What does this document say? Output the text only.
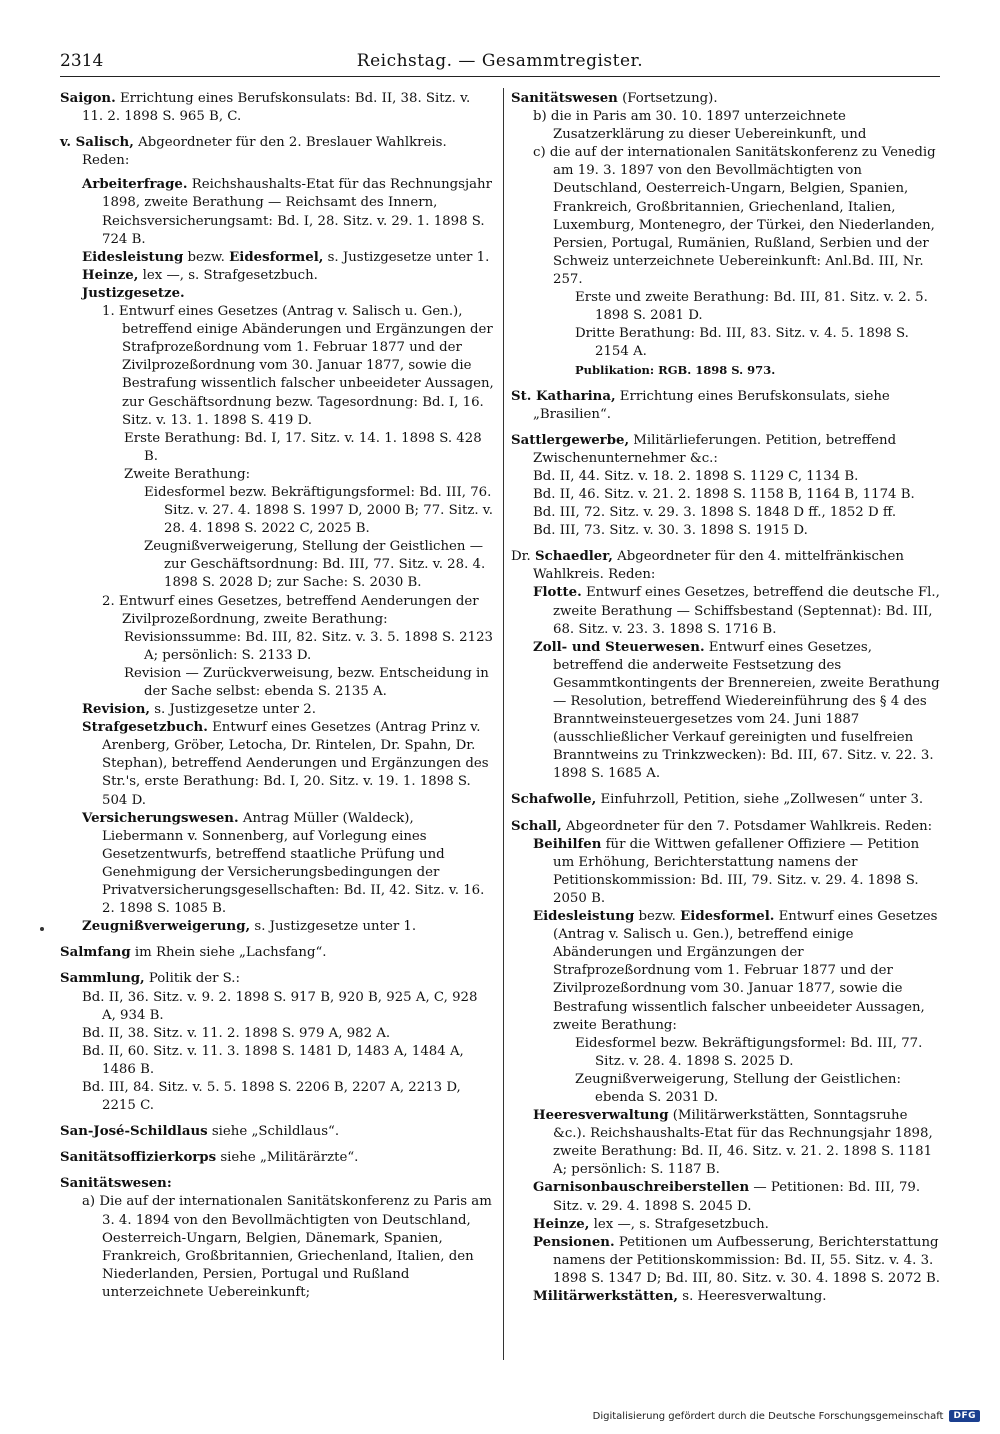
2314	Reichstag. — Gesammtregister.

Saigon. Errichtung eines Berufskonsulats: Bd. II, 38. Sitz. v. 11. 2. 1898 S. 965 B, C.

v. Salisch, Abgeordneter für den 2. Breslauer Wahlkreis. Reden:

Arbeiterfrage. Reichshaushalts-Etat für das Rechnungsjahr 1898, zweite Berathung — Reichsamt des Innern, Reichsversicherungsamt: Bd. I, 28. Sitz. v. 29. 1. 1898 S. 724 B.

Eidesleistung bezw. Eidesformel, s. Justizgesetze unter 1.

Heinze, lex —, s. Strafgesetzbuch.

Justizgesetze.

1. Entwurf eines Gesetzes (Antrag v. Salisch u. Gen.), betreffend einige Abänderungen und Ergänzungen der Strafprozeßordnung vom 1. Februar 1877 und der Zivilprozeßordnung vom 30. Januar 1877, sowie die Bestrafung wissentlich falscher unbeeideter Aussagen, zur Geschäftsordnung bezw. Tagesordnung: Bd. I, 16. Sitz. v. 13. 1. 1898 S. 419 D.

Erste Berathung: Bd. I, 17. Sitz. v. 14. 1. 1898 S. 428 B.

Zweite Berathung:

Eidesformel bezw. Bekräftigungsformel: Bd. III, 76. Sitz. v. 27. 4. 1898 S. 1997 D, 2000 B; 77. Sitz. v. 28. 4. 1898 S. 2022 C, 2025 B.

Zeugnißverweigerung, Stellung der Geistlichen — zur Geschäftsordnung: Bd. III, 77. Sitz. v. 28. 4. 1898 S. 2028 D; zur Sache: S. 2030 B.

2. Entwurf eines Gesetzes, betreffend Aenderungen der Zivilprozeßordnung, zweite Berathung:

Revisionssumme: Bd. III, 82. Sitz. v. 3. 5. 1898 S. 2123 A; persönlich: S. 2133 D.

Revision — Zurückverweisung, bezw. Entscheidung in der Sache selbst: ebenda S. 2135 A.

Revision, s. Justizgesetze unter 2.

Strafgesetzbuch. Entwurf eines Gesetzes (Antrag Prinz v. Arenberg, Gröber, Letocha, Dr. Rintelen, Dr. Spahn, Dr. Stephan), betreffend Aenderungen und Ergänzungen des Str.'s, erste Berathung: Bd. I, 20. Sitz. v. 19. 1. 1898 S. 504 D.

Versicherungswesen. Antrag Müller (Waldeck), Liebermann v. Sonnenberg, auf Vorlegung eines Gesetzentwurfs, betreffend staatliche Prüfung und Genehmigung der Versicherungsbedingungen der Privatversicherungsgesellschaften: Bd. II, 42. Sitz. v. 16. 2. 1898 S. 1085 B.

Zeugnißverweigerung, s. Justizgesetze unter 1.

Salmfang im Rhein siehe „Lachsfang“.

Sammlung, Politik der S.:

Bd. II, 36. Sitz. v. 9. 2. 1898 S. 917 B, 920 B, 925 A, C, 928 A, 934 B.

Bd. II, 38. Sitz. v. 11. 2. 1898 S. 979 A, 982 A.

Bd. II, 60. Sitz. v. 11. 3. 1898 S. 1481 D, 1483 A, 1484 A, 1486 B.

Bd. III, 84. Sitz. v. 5. 5. 1898 S. 2206 B, 2207 A, 2213 D, 2215 C.

San-José-Schildlaus siehe „Schildlaus“.

Sanitätsoffizierkorps siehe „Militärärzte“.

Sanitätswesen:

a) Die auf der internationalen Sanitätskonferenz zu Paris am 3. 4. 1894 von den Bevollmächtigten von Deutschland, Oesterreich-Ungarn, Belgien, Dänemark, Spanien, Frankreich, Großbritannien, Griechenland, Italien, den Niederlanden, Persien, Portugal und Rußland unterzeichnete Uebereinkunft;

Sanitätswesen (Fortsetzung).

b) die in Paris am 30. 10. 1897 unterzeichnete Zusatzerklärung zu dieser Uebereinkunft, und

c) die auf der internationalen Sanitätskonferenz zu Venedig am 19. 3. 1897 von den Bevollmächtigten von Deutschland, Oesterreich-Ungarn, Belgien, Spanien, Frankreich, Großbritannien, Griechenland, Italien, Luxemburg, Montenegro, der Türkei, den Niederlanden, Persien, Portugal, Rumänien, Rußland, Serbien und der Schweiz unterzeichnete Uebereinkunft: Anl.Bd. III, Nr. 257.

Erste und zweite Berathung: Bd. III, 81. Sitz. v. 2. 5. 1898 S. 2081 D.

Dritte Berathung: Bd. III, 83. Sitz. v. 4. 5. 1898 S. 2154 A.

Publikation: RGB. 1898 S. 973.

St. Katharina, Errichtung eines Berufskonsulats, siehe „Brasilien“.

Sattlergewerbe, Militärlieferungen. Petition, betreffend Zwischenunternehmer &c.:

Bd. II, 44. Sitz. v. 18. 2. 1898 S. 1129 C, 1134 B.

Bd. II, 46. Sitz. v. 21. 2. 1898 S. 1158 B, 1164 B, 1174 B.

Bd. III, 72. Sitz. v. 29. 3. 1898 S. 1848 D ff., 1852 D ff.

Bd. III, 73. Sitz. v. 30. 3. 1898 S. 1915 D.

Dr. Schaedler, Abgeordneter für den 4. mittelfränkischen Wahlkreis. Reden:

Flotte. Entwurf eines Gesetzes, betreffend die deutsche Fl., zweite Berathung — Schiffsbestand (Septennat): Bd. III, 68. Sitz. v. 23. 3. 1898 S. 1716 B.

Zoll- und Steuerwesen. Entwurf eines Gesetzes, betreffend die anderweite Festsetzung des Gesammtkontingents der Brennereien, zweite Berathung — Resolution, betreffend Wiedereinführung des § 4 des Branntweinsteuergesetzes vom 24. Juni 1887 (ausschließlicher Verkauf gereinigten und fuselfreien Branntweins zu Trinkzwecken): Bd. III, 67. Sitz. v. 22. 3. 1898 S. 1685 A.

Schafwolle, Einfuhrzoll, Petition, siehe „Zollwesen“ unter 3.

Schall, Abgeordneter für den 7. Potsdamer Wahlkreis. Reden:

Beihilfen für die Wittwen gefallener Offiziere — Petition um Erhöhung, Berichterstattung namens der Petitionskommission: Bd. III, 79. Sitz. v. 29. 4. 1898 S. 2050 B.

Eidesleistung bezw. Eidesformel. Entwurf eines Gesetzes (Antrag v. Salisch u. Gen.), betreffend einige Abänderungen und Ergänzungen der Strafprozeßordnung vom 1. Februar 1877 und der Zivilprozeßordnung vom 30. Januar 1877, sowie die Bestrafung wissentlich falscher unbeeideter Aussagen, zweite Berathung:

Eidesformel bezw. Bekräftigungsformel: Bd. III, 77. Sitz. v. 28. 4. 1898 S. 2025 D.

Zeugnißverweigerung, Stellung der Geistlichen: ebenda S. 2031 D.

Heeresverwaltung (Militärwerkstätten, Sonntagsruhe &c.). Reichshaushalts-Etat für das Rechnungsjahr 1898, zweite Berathung: Bd. II, 46. Sitz. v. 21. 2. 1898 S. 1181 A; persönlich: S. 1187 B.

Garnisonbauschreiberstellen — Petitionen: Bd. III, 79. Sitz. v. 29. 4. 1898 S. 2045 D.

Heinze, lex —, s. Strafgesetzbuch.

Pensionen. Petitionen um Aufbesserung, Berichterstattung namens der Petitionskommission: Bd. II, 55. Sitz. v. 4. 3. 1898 S. 1347 D; Bd. III, 80. Sitz. v. 30. 4. 1898 S. 2072 B.

Militärwerkstätten, s. Heeresverwaltung.

Digitalisierung gefördert durch die Deutsche Forschungsgemeinschaft	DFG
